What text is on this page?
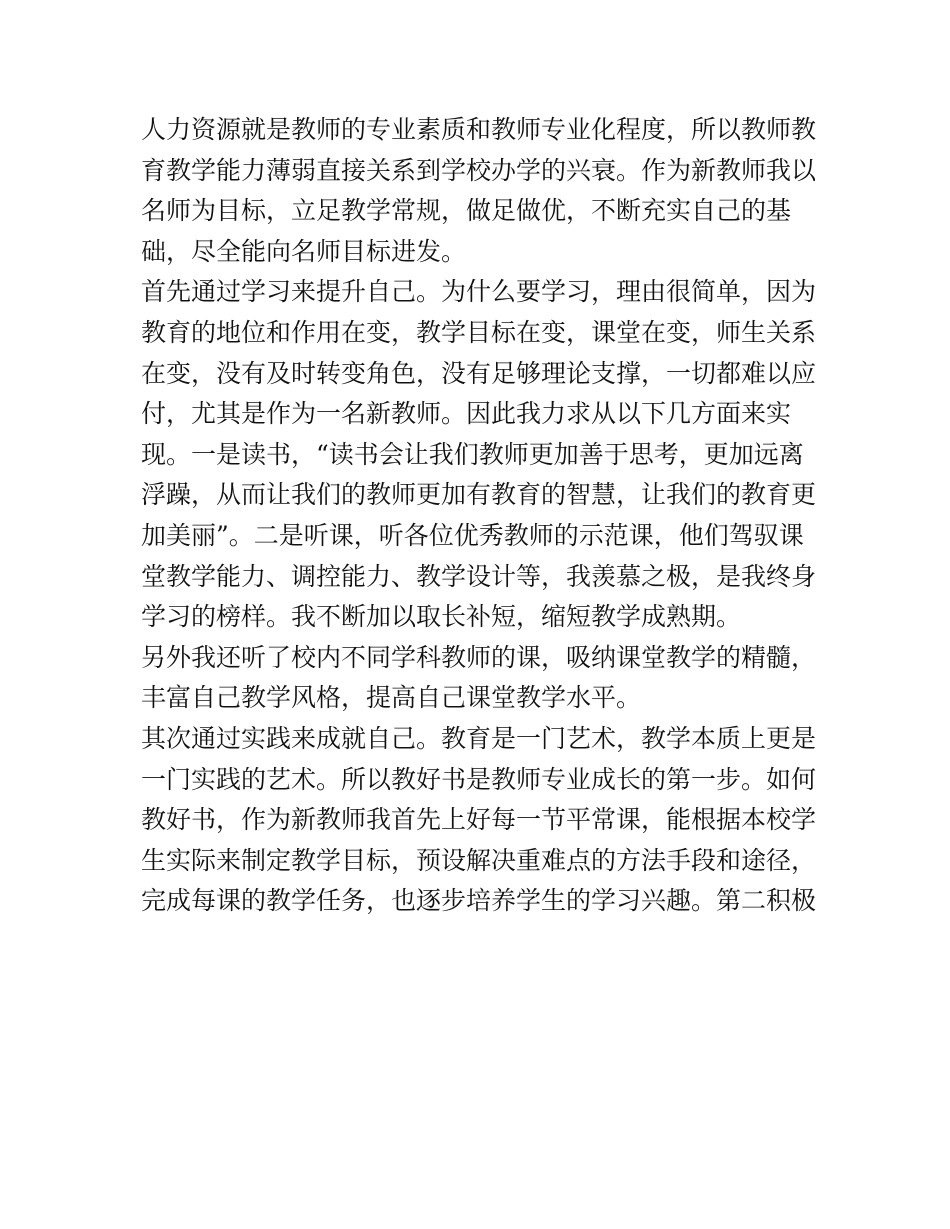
人力资源就是教师的专业素质和教师专业化程度，所以教师教
育教学能力薄弱直接关系到学校办学的兴衰。作为新教师我以
名师为目标，立足教学常规，做足做优，不断充实自己的基
础，尽全能向名师目标进发。
首先通过学习来提升自己。为什么要学习，理由很简单，因为
教育的地位和作用在变，教学目标在变，课堂在变，师生关系
在变，没有及时转变角色，没有足够理论支撑，一切都难以应
付，尤其是作为一名新教师。因此我力求从以下几方面来实
现。一是读书，“读书会让我们教师更加善于思考，更加远离
浮躁，从而让我们的教师更加有教育的智慧，让我们的教育更
加美丽”。二是听课，听各位优秀教师的示范课，他们驾驭课
堂教学能力、调控能力、教学设计等，我羡慕之极，是我终身
学习的榜样。我不断加以取长补短，缩短教学成熟期。
另外我还听了校内不同学科教师的课，吸纳课堂教学的精髓，
丰富自己教学风格，提高自己课堂教学水平。
其次通过实践来成就自己。教育是一门艺术，教学本质上更是
一门实践的艺术。所以教好书是教师专业成长的第一步。如何
教好书，作为新教师我首先上好每一节平常课，能根据本校学
生实际来制定教学目标，预设解决重难点的方法手段和途径，
完成每课的教学任务，也逐步培养学生的学习兴趣。第二积极
